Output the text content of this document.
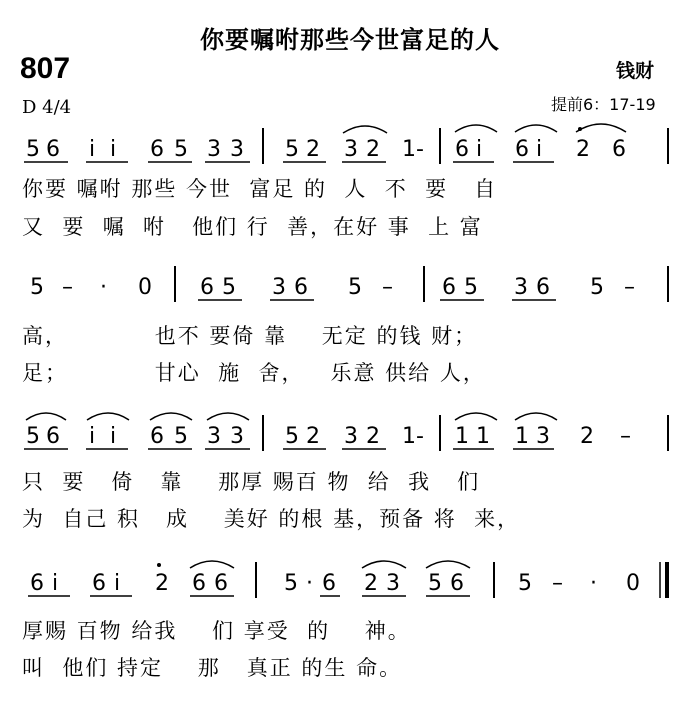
你要嘱咐那些今世富足的人
807	钱财
D 4/4	提前6：17-19
5 6 i i 6 5 3 3 5 2 3 2 1- 6 i 6 i 2 6
5 – · 0 6 5 3 6 5 – 6 5 3 6 5 –
5 6 i i 6 5 3 3 5 2 3 2 1- 1 1 1 3 2 –
6 i 6 i 2 6 6	5 · 6 2 3 5 6 5 – · 0
你要 嘱咐 那些 今世  富足 的  人  不  要   自
又  要  嘱  咐   他们 行  善，在好 事  上 富
高，          也不 要倚 靠    无定 的钱 财；
足；          甘心  施  舍，   乐意 供给 人，
只  要   倚   靠    那厚 赐百 物  给  我   们
为  自己 积   成    美好 的根 基，预备 将  来，
厚赐 百物 给我    们 享受  的    神。
叫  他们 持定    那   真正 的生 命。
